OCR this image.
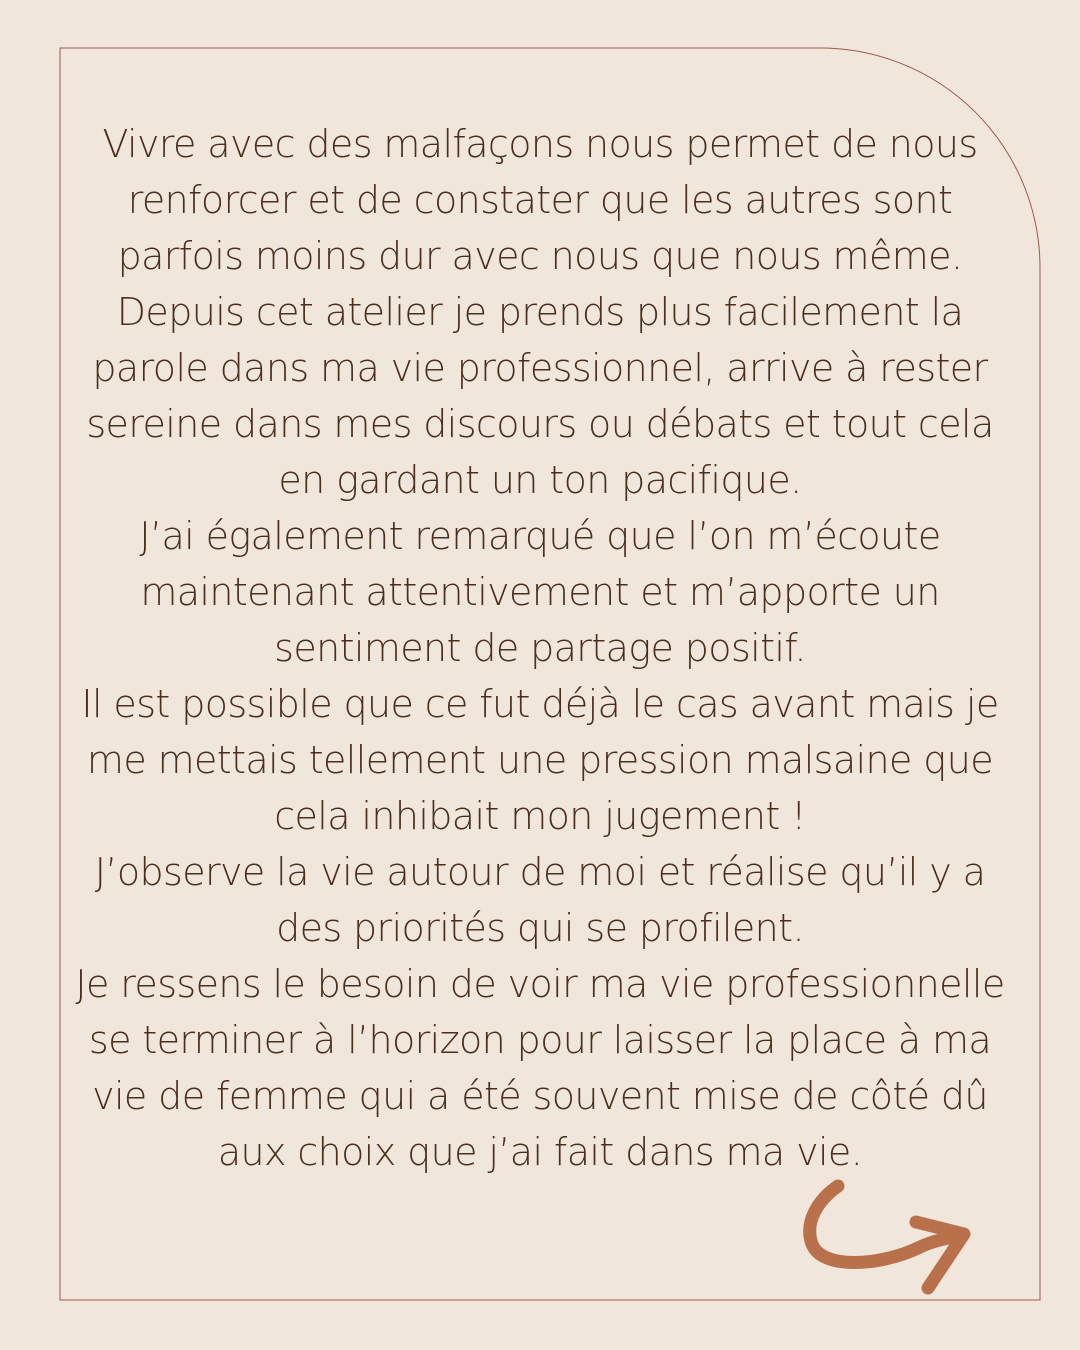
Vivre avec des malfaçons nous permet de nous renforcer et de constater que les autres sont parfois moins dur avec nous que nous même.

Depuis cet atelier je prends plus facilement la parole dans ma vie professionnel, arrive à rester sereine dans mes discours ou débats et tout cela en gardant un ton pacifique.

J’ai également remarqué que l’on m’écoute maintenant attentivement et m’apporte un sentiment de partage positif.

Il est possible que ce fut déjà le cas avant mais je me mettais tellement une pression malsaine que cela inhibait mon jugement !

J’observe la vie autour de moi et réalise qu’il y a des priorités qui se profilent.

Je ressens le besoin de voir ma vie professionnelle se terminer à l’horizon pour laisser la place à ma vie de femme qui a été souvent mise de côté dû aux choix que j’ai fait dans ma vie.
